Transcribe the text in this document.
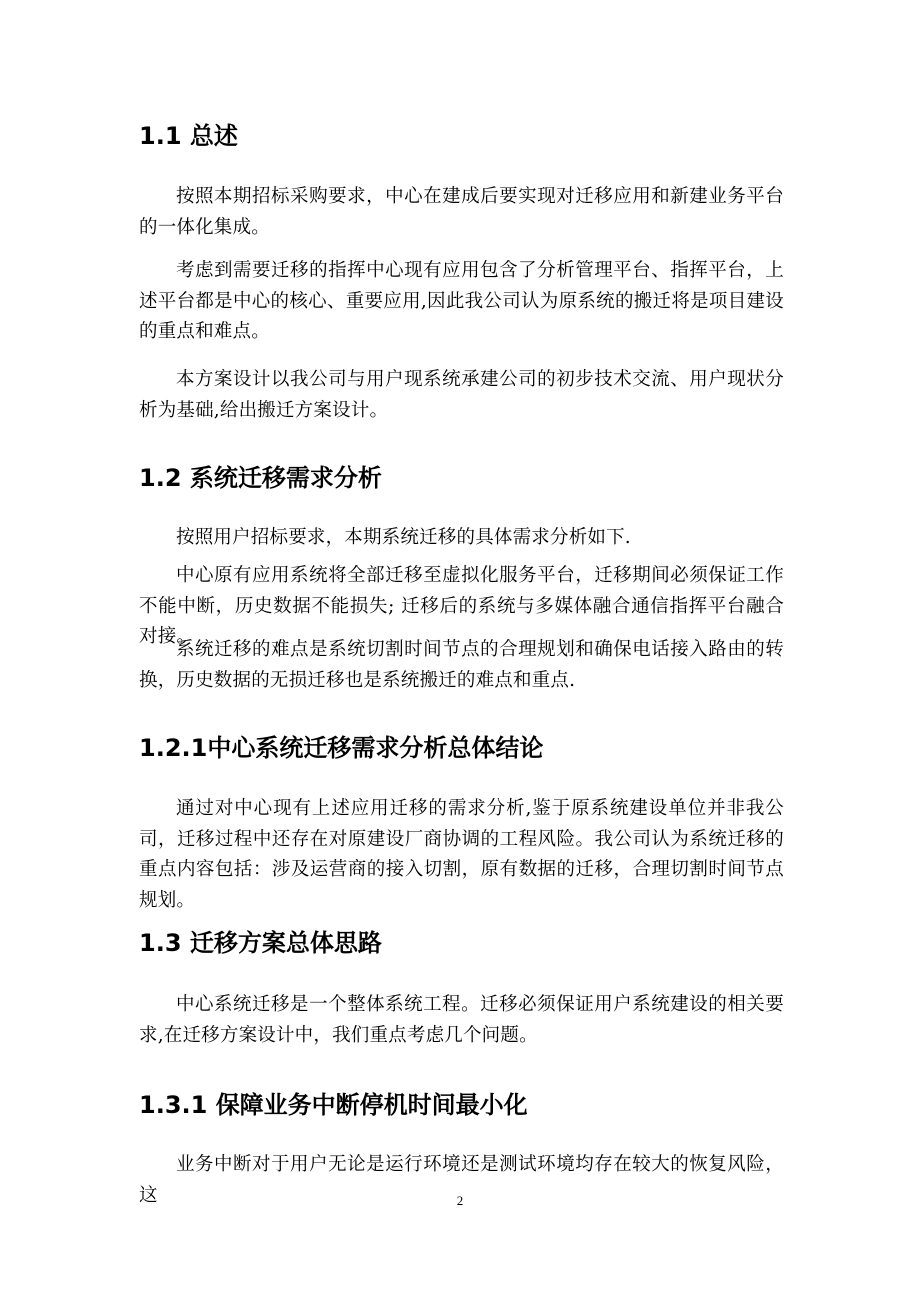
1.1 总述

按照本期招标采购要求，中心在建成后要实现对迁移应用和新建业务平台的一体化集成。

考虑到需要迁移的指挥中心现有应用包含了分析管理平台、指挥平台，上述平台都是中心的核心、重要应用,因此我公司认为原系统的搬迁将是项目建设的重点和难点。

本方案设计以我公司与用户现系统承建公司的初步技术交流、用户现状分析为基础,给出搬迁方案设计。

1.2 系统迁移需求分析

按照用户招标要求，本期系统迁移的具体需求分析如下.

中心原有应用系统将全部迁移至虚拟化服务平台，迁移期间必须保证工作不能中断，历史数据不能损失; 迁移后的系统与多媒体融合通信指挥平台融合对接。

系统迁移的难点是系统切割时间节点的合理规划和确保电话接入路由的转换，历史数据的无损迁移也是系统搬迁的难点和重点.

1.2.1中心系统迁移需求分析总体结论

通过对中心现有上述应用迁移的需求分析,鉴于原系统建设单位并非我公司，迁移过程中还存在对原建设厂商协调的工程风险。我公司认为系统迁移的重点内容包括：涉及运营商的接入切割，原有数据的迁移，合理切割时间节点规划。

1.3 迁移方案总体思路

中心系统迁移是一个整体系统工程。迁移必须保证用户系统建设的相关要求,在迁移方案设计中，我们重点考虑几个问题。

1.3.1 保障业务中断停机时间最小化

业务中断对于用户无论是运行环境还是测试环境均存在较大的恢复风险，这	2
